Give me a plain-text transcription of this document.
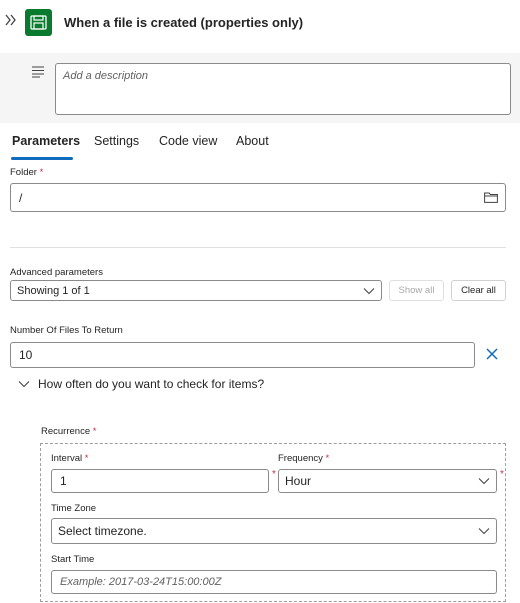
When a file is created (properties only)
Add a description
Parameters Settings Code view About
Folder *
/
Advanced parameters
Showing 1 of 1	Show all	Clear all
Number Of Files To Return
10
How often do you want to check for items?
Recurrence *
Interval *
1	*
Frequency *
Hour	*
Time Zone
Select timezone.
Start Time
Example: 2017-03-24T15:00:00Z
